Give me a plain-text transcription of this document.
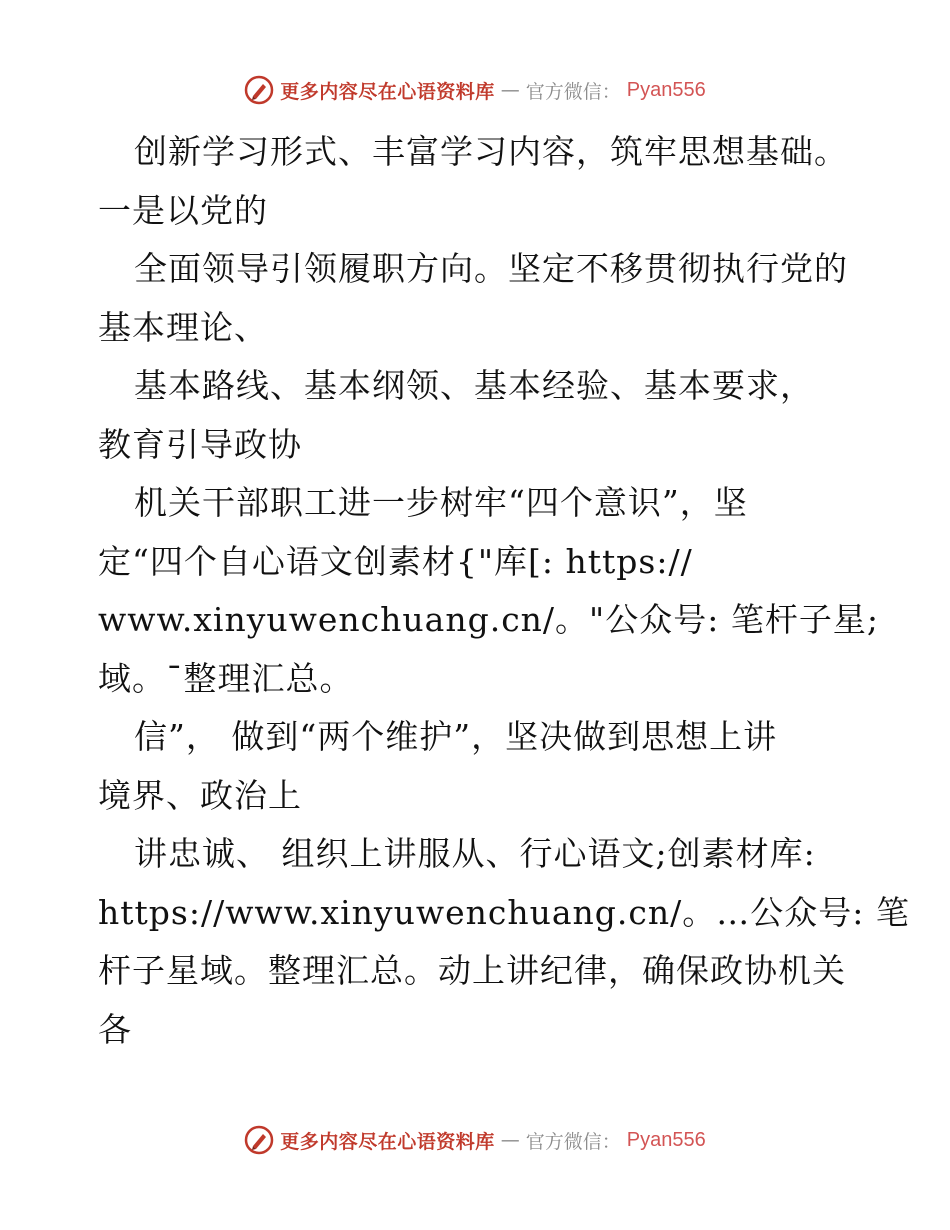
更多内容尽在心语资料库 — 官方微信： Pyan556
创新学习形式、丰富学习内容，筑牢思想基础。
一是以党的
全面领导引领履职方向。坚定不移贯彻执行党的
基本理论、
基本路线、基本纲领、基本经验、基本要求，
教育引导政协
机关干部职工进一步树牢“四个意识”，坚
定“四个自心语文创素材{"库[: https://
www.xinyuwenchuang.cn/。"公众号: 笔杆子星;
域。¯整理汇总。
信”， 做到“两个维护”，坚决做到思想上讲
境界、政治上
讲忠诚、 组织上讲服从、行心语文;创素材库:
https://www.xinyuwenchuang.cn/。…公众号: 笔
杆子星域。整理汇总。动上讲纪律，确保政协机关
各
更多内容尽在心语资料库 — 官方微信： Pyan556
